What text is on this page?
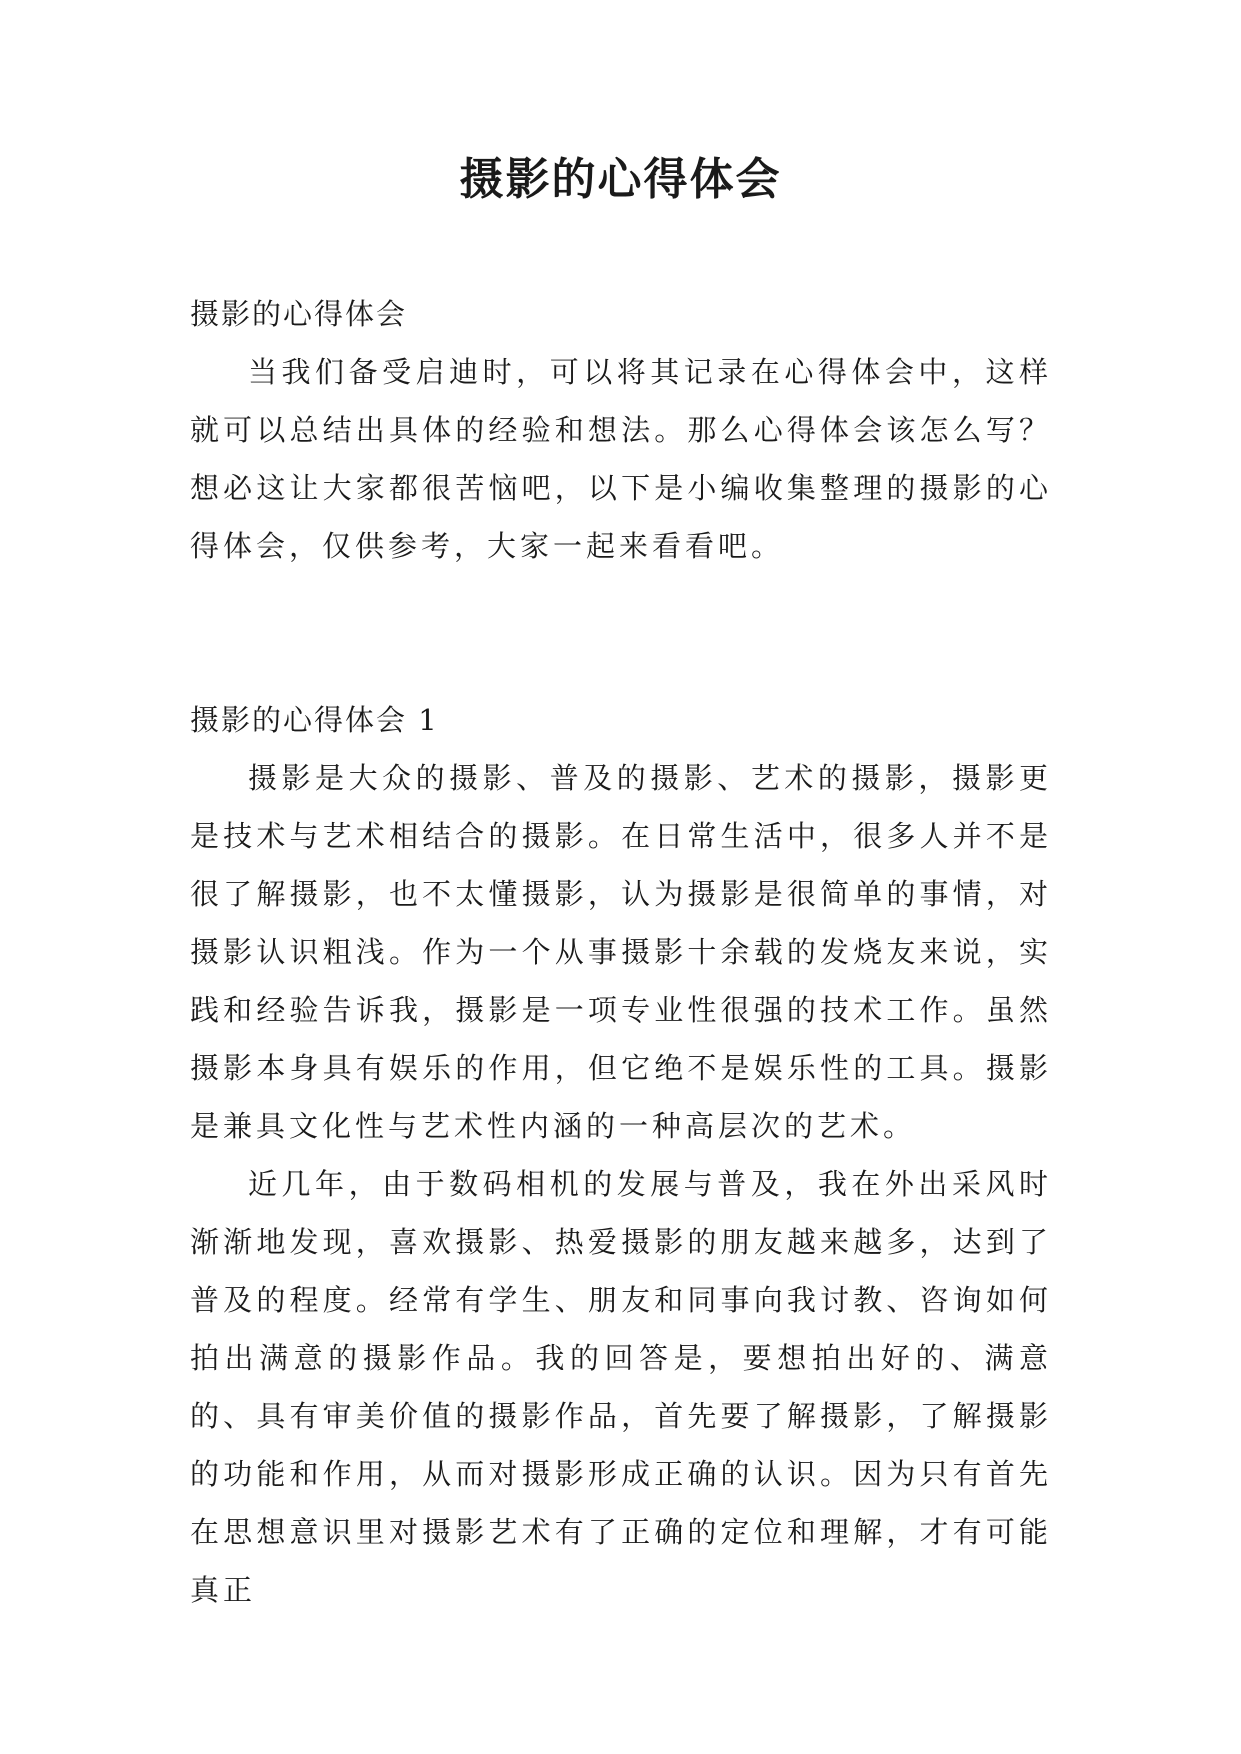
摄影的心得体会

摄影的心得体会

当我们备受启迪时，可以将其记录在心得体会中，这样就可以总结出具体的经验和想法。那么心得体会该怎么写？想必这让大家都很苦恼吧，以下是小编收集整理的摄影的心得体会，仅供参考，大家一起来看看吧。

摄影的心得体会 1

摄影是大众的摄影、普及的摄影、艺术的摄影，摄影更是技术与艺术相结合的摄影。在日常生活中，很多人并不是很了解摄影，也不太懂摄影，认为摄影是很简单的事情，对摄影认识粗浅。作为一个从事摄影十余载的发烧友来说，实践和经验告诉我，摄影是一项专业性很强的技术工作。虽然摄影本身具有娱乐的作用，但它绝不是娱乐性的工具。摄影是兼具文化性与艺术性内涵的一种高层次的艺术。

近几年，由于数码相机的发展与普及，我在外出采风时渐渐地发现，喜欢摄影、热爱摄影的朋友越来越多，达到了普及的程度。经常有学生、朋友和同事向我讨教、咨询如何拍出满意的摄影作品。我的回答是，要想拍出好的、满意的、具有审美价值的摄影作品，首先要了解摄影，了解摄影的功能和作用，从而对摄影形成正确的认识。因为只有首先在思想意识里对摄影艺术有了正确的定位和理解，才有可能真正
